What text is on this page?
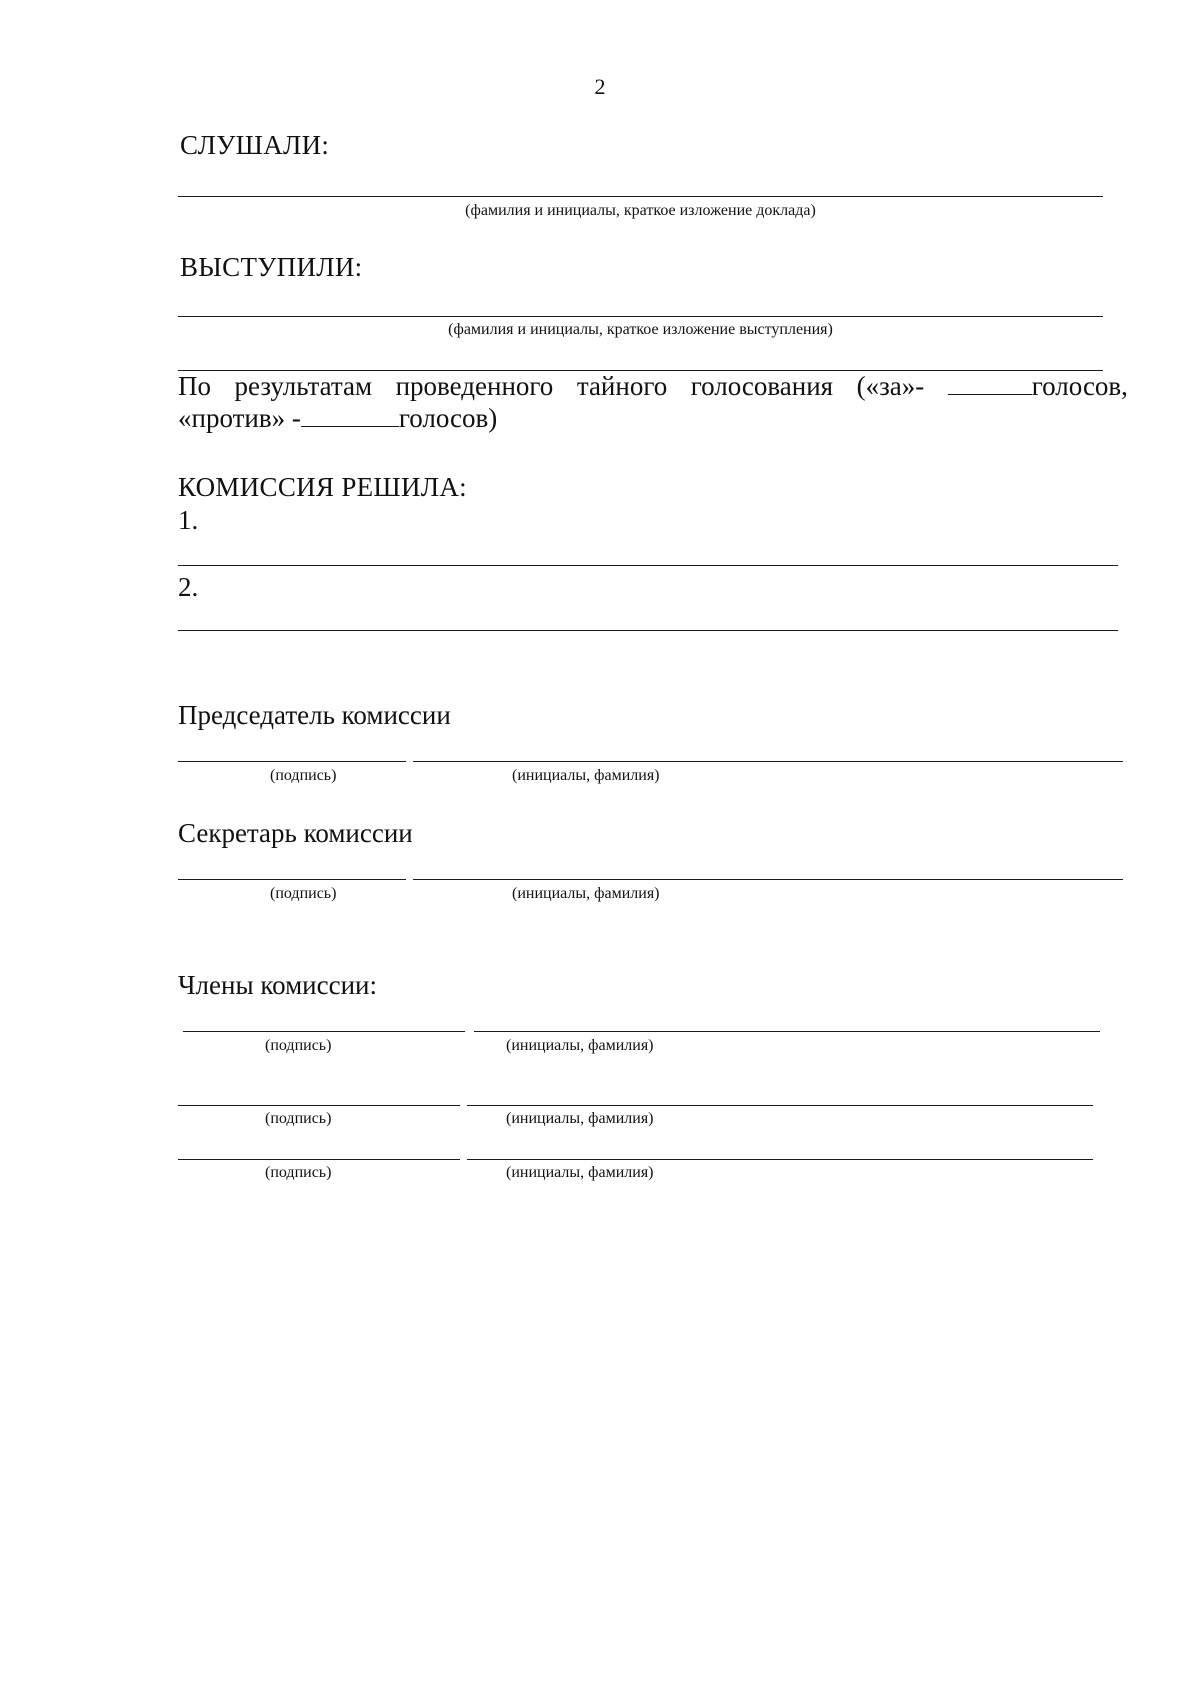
2
СЛУШАЛИ:
(фамилия и инициалы, краткое изложение доклада)
ВЫСТУПИЛИ:
(фамилия и инициалы, краткое изложение выступления)
По результатам проведенного тайного голосования («за»-	голосов,
«против» -	голосов)
КОМИССИЯ РЕШИЛА:
1.
2.
Председатель комиссии
(подпись)	(инициалы, фамилия)
Секретарь комиссии
(подпись)	(инициалы, фамилия)
Члены комиссии:
(подпись)	(инициалы, фамилия)
(подпись)	(инициалы, фамилия)
(подпись)	(инициалы, фамилия)
